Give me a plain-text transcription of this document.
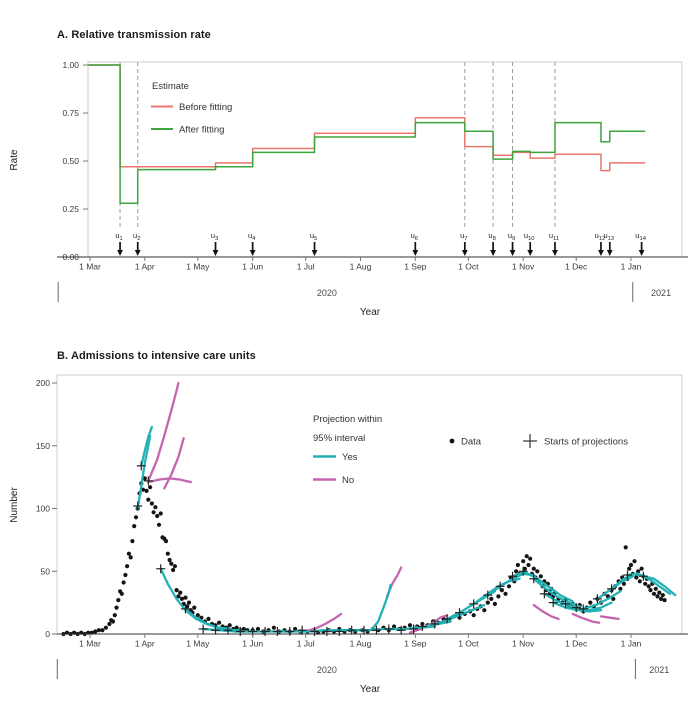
A. Relative transmission rate
B. Admissions to intensive care units
0.00
0.25
0.50
0.75
1.00
Rate
$u_1$ $u_2$	$u_3$	$u_4$	$u_5$	$u_6$	$u_7$	$u_8$ $u_9$ $u_{10}$ $u_{11}$	$u_{12}$
$u_{13}$	$u_{14}$
1 Mar	1 Apr	1 May	1 Jun	1 Jul	1 Aug	1 Sep	1 Oct	1 Nov	1 Dec	1 Jan
2020	2021
Year
Estimate
Before fitting
After fitting
0
50
100
150
200
Number
1 Mar	1 Apr	1 May	1 Jun	1 Jul	1 Aug	1 Sep	1 Oct	1 Nov	1 Dec	1 Jan
2020	2021
Year
Projection within
95% interval
Yes
No
Data	Starts of projections
